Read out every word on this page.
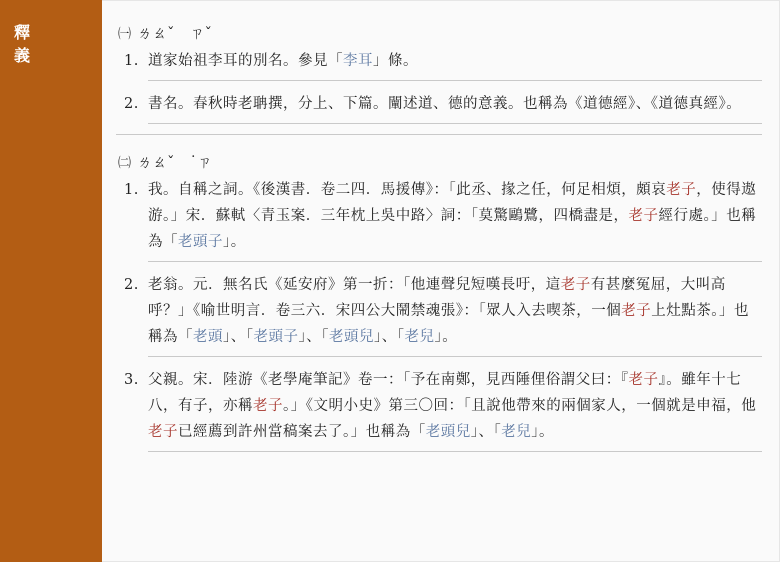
釋義
㈠ ㄌㄠˇ　ㄗˇ
1. 道家始祖李耳的別名。參見「李耳」條。
2. 書名。春秋時老聃撰，分上、下篇。闡述道、德的意義。也稱為《道德經》、《道德真經》。
㈡ ㄌㄠˇ　˙ㄗ
1. 我。自稱之詞。《後漢書．卷二四．馬援傳》：「此丞、掾之任，何足相煩，頗哀老子，使得遨游。」宋．蘇軾〈青玉案．三年枕上吳中路〉詞：「莫驚鷗鷺，四橋盡是，老子經行處。」也稱為「老頭子」。
2. 老翁。元．無名氏《延安府》第一折：「他連聲兒短嘆長吁，這老子有甚麼冤屈，大叫高呼？」《喻世明言．卷三六．宋四公大鬧禁魂張》：「眾人入去喫茶，一個老子上灶點茶。」也稱為「老頭」、「老頭子」、「老頭兒」、「老兒」。
3. 父親。宋．陸游《老學庵筆記》卷一：「予在南鄭，見西陲俚俗謂父曰：『老子』。雖年十七八，有子，亦稱老子。」《文明小史》第三〇回：「且說他帶來的兩個家人，一個就是申福，他老子已經薦到許州當稿案去了。」也稱為「老頭兒」、「老兒」。
